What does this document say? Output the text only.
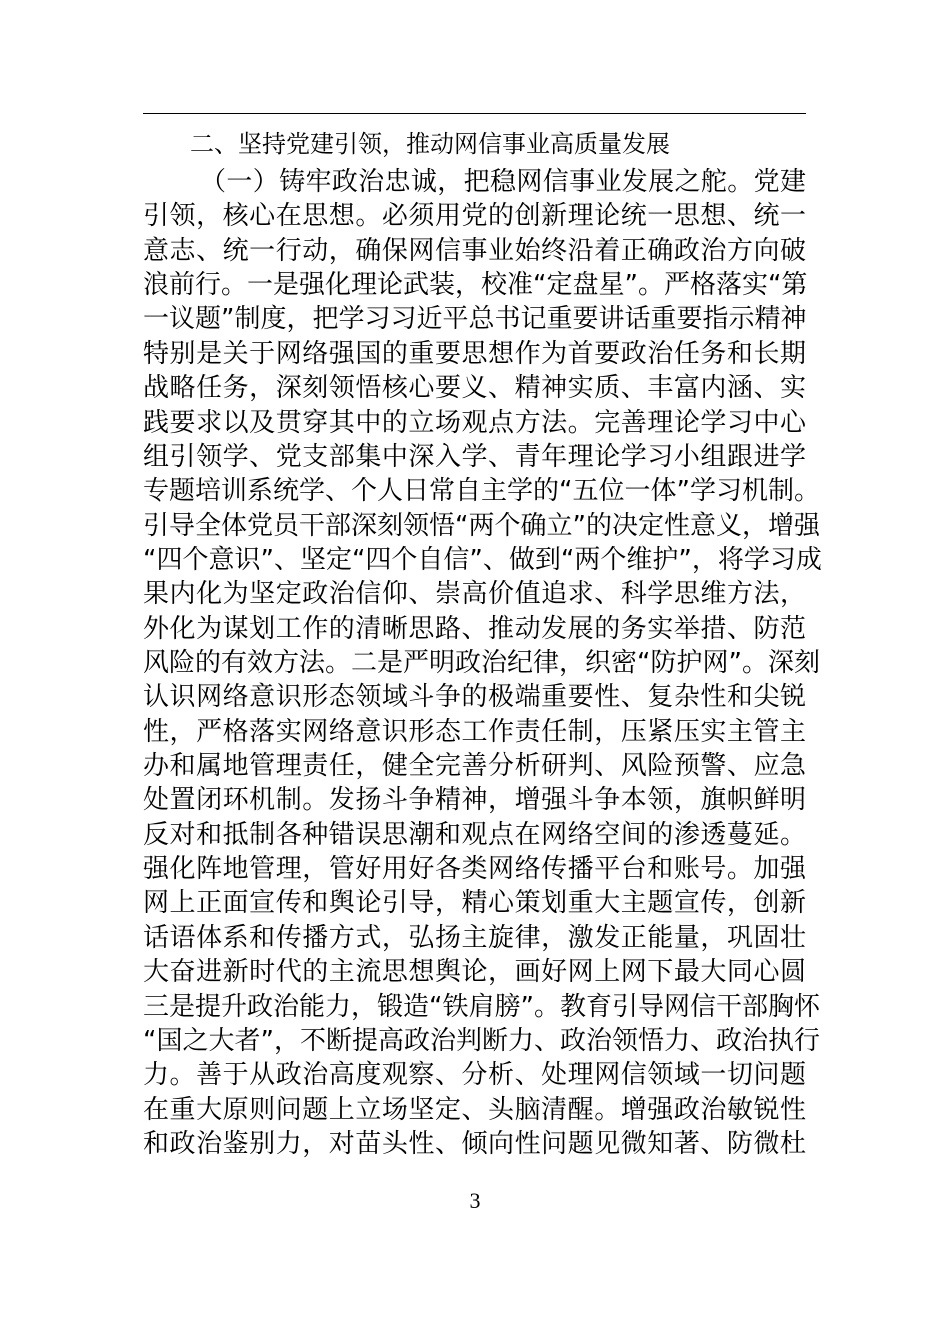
二、坚持党建引领，推动网信事业高质量发展
（一）铸牢政治忠诚，把稳网信事业发展之舵。党建
引领，核心在思想。必须用党的创新理论统一思想、统一
意志、统一行动，确保网信事业始终沿着正确政治方向破
浪前行。一是强化理论武装，校准“定盘星”。严格落实“第
一议题”制度，把学习习近平总书记重要讲话重要指示精神
特别是关于网络强国的重要思想作为首要政治任务和长期
战略任务，深刻领悟核心要义、精神实质、丰富内涵、实
践要求以及贯穿其中的立场观点方法。完善理论学习中心
组引领学、党支部集中深入学、青年理论学习小组跟进学
专题培训系统学、个人日常自主学的“五位一体”学习机制。
引导全体党员干部深刻领悟“两个确立”的决定性意义，增强
“四个意识”、坚定“四个自信”、做到“两个维护”，将学习成
果内化为坚定政治信仰、崇高价值追求、科学思维方法，
外化为谋划工作的清晰思路、推动发展的务实举措、防范
风险的有效方法。二是严明政治纪律，织密“防护网”。深刻
认识网络意识形态领域斗争的极端重要性、复杂性和尖锐
性，严格落实网络意识形态工作责任制，压紧压实主管主
办和属地管理责任，健全完善分析研判、风险预警、应急
处置闭环机制。发扬斗争精神，增强斗争本领，旗帜鲜明
反对和抵制各种错误思潮和观点在网络空间的渗透蔓延。
强化阵地管理，管好用好各类网络传播平台和账号。加强
网上正面宣传和舆论引导，精心策划重大主题宣传，创新
话语体系和传播方式，弘扬主旋律，激发正能量，巩固壮
大奋进新时代的主流思想舆论，画好网上网下最大同心圆
三是提升政治能力，锻造“铁肩膀”。教育引导网信干部胸怀
“国之大者”，不断提高政治判断力、政治领悟力、政治执行
力。善于从政治高度观察、分析、处理网信领域一切问题
在重大原则问题上立场坚定、头脑清醒。增强政治敏锐性
和政治鉴别力，对苗头性、倾向性问题见微知著、防微杜
3
